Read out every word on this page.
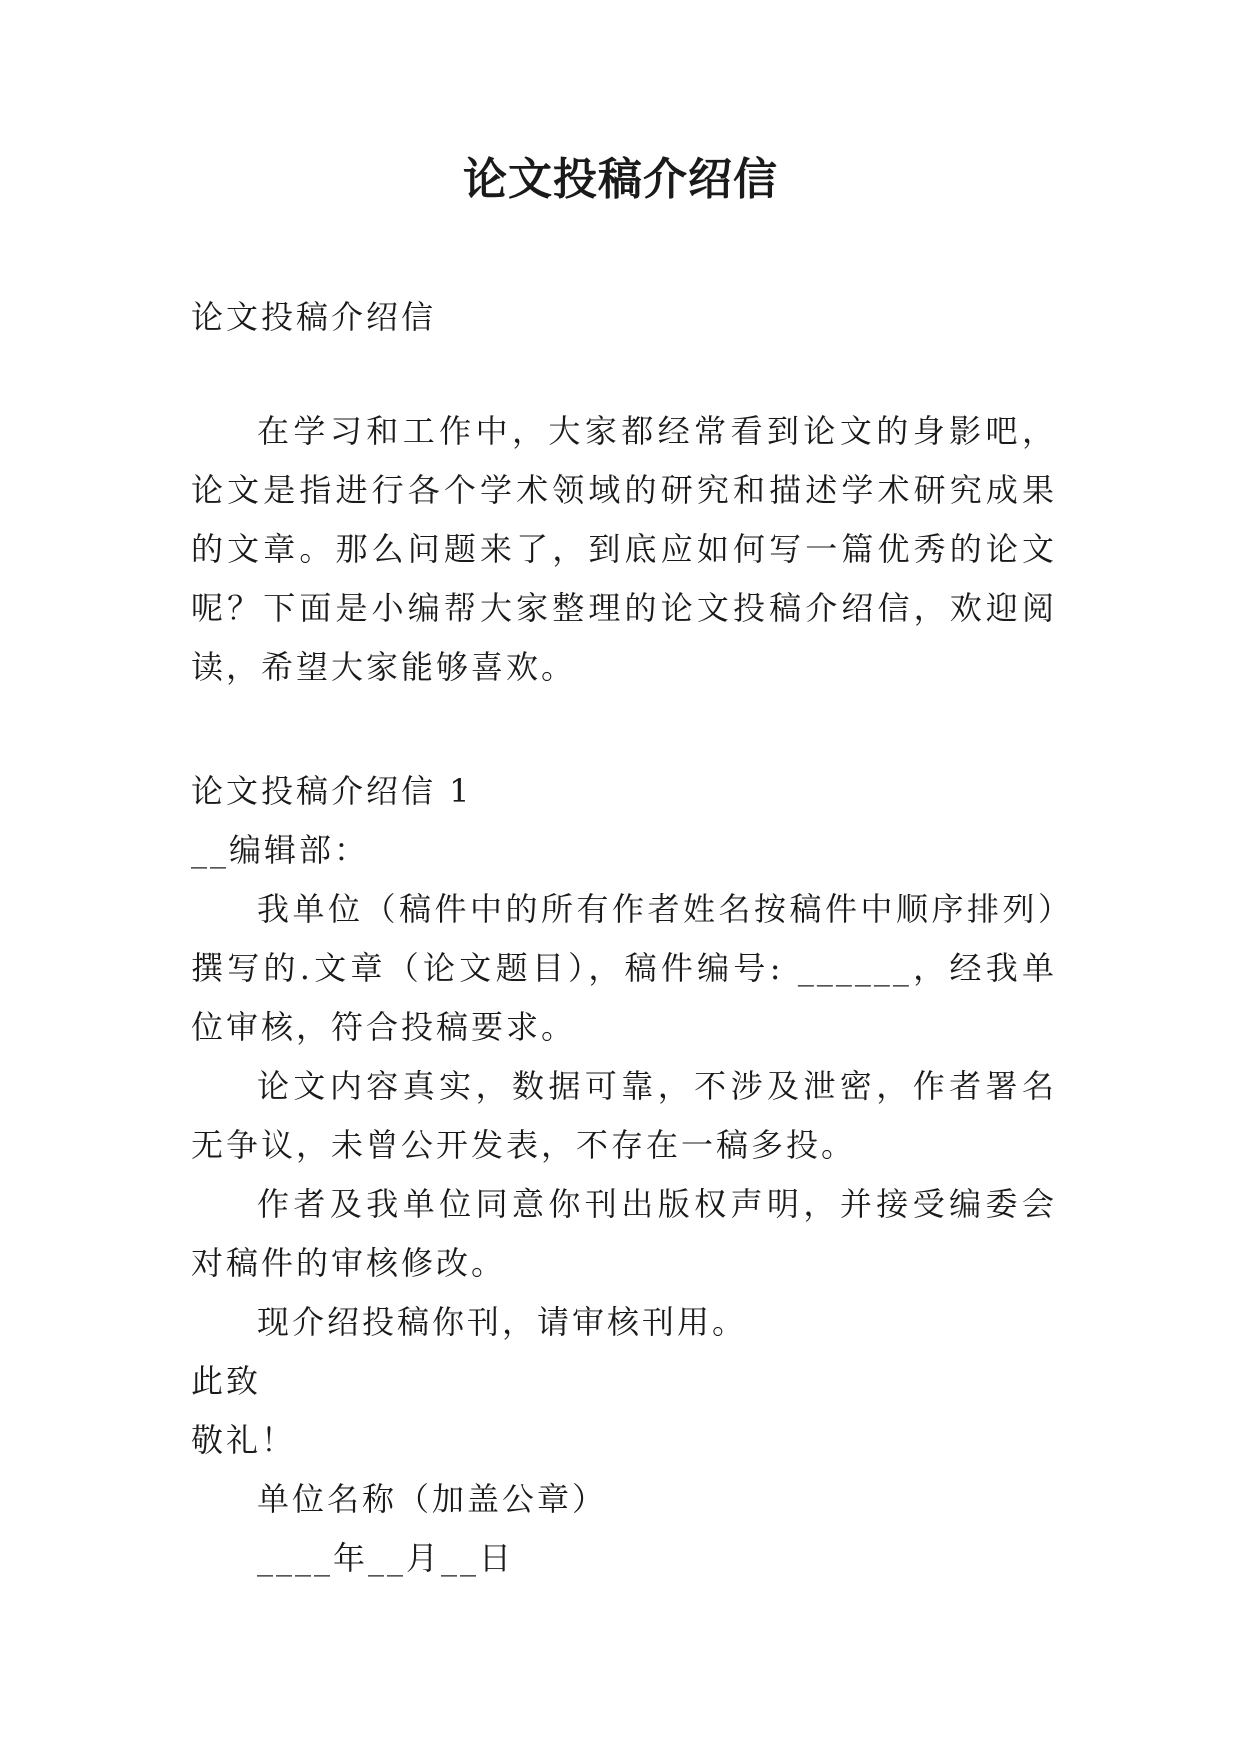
论文投稿介绍信
论文投稿介绍信
在学习和工作中，大家都经常看到论文的身影吧，论文是指进行各个学术领域的研究和描述学术研究成果的文章。那么问题来了，到底应如何写一篇优秀的论文呢？下面是小编帮大家整理的论文投稿介绍信，欢迎阅读，希望大家能够喜欢。

论文投稿介绍信 1

__编辑部：

我单位（稿件中的所有作者姓名按稿件中顺序排列）撰写的.文章（论文题目），稿件编号: ______，经我单位审核，符合投稿要求。

论文内容真实，数据可靠，不涉及泄密，作者署名无争议，未曾公开发表，不存在一稿多投。

作者及我单位同意你刊出版权声明，并接受编委会对稿件的审核修改。

现介绍投稿你刊，请审核刊用。

此致

敬礼！

单位名称（加盖公章）

____年__月__日
